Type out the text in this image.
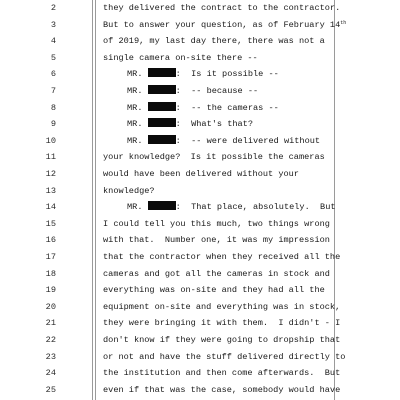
2	they delivered the contract to the contractor.
3	But to answer your question, as of February 14th
4	of 2019, my last day there, there was not a
5	single camera on-site there --
6	MR.	:  Is it possible --
7	MR.	:  -- because --
8	MR.	:  -- the cameras --
9	MR.	:  What's that?
10	MR.	:  -- were delivered without
11	your knowledge?  Is it possible the cameras
12	would have been delivered without your
13	knowledge?
14	MR.	:  That place, absolutely.  But
15	I could tell you this much, two things wrong
16	with that.  Number one, it was my impression
17	that the contractor when they received all the
18	cameras and got all the cameras in stock and
19	everything was on-site and they had all the
20	equipment on-site and everything was in stock,
21	they were bringing it with them.  I didn't - I
22	don't know if they were going to dropship that
23	or not and have the stuff delivered directly to
24	the institution and then come afterwards.  But
25	even if that was the case, somebody would have
